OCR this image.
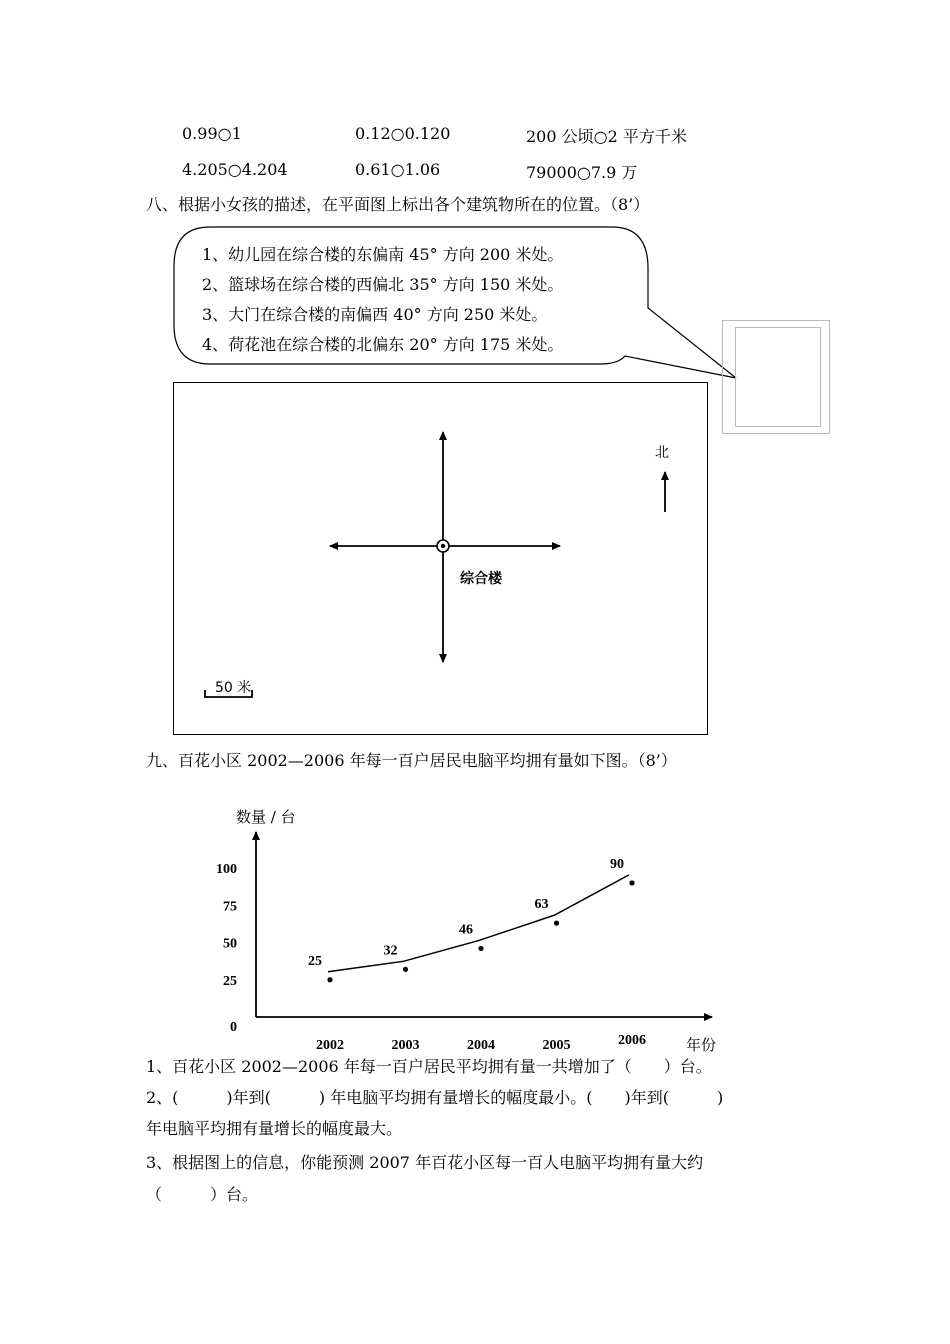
0.99○1	0.12○0.120	200 公顷○2 平方千米
4.205○4.204	0.61○1.06	79000○7.9 万
八、根据小女孩的描述，在平面图上标出各个建筑物所在的位置。（8’）
1、幼儿园在综合楼的东偏南 45° 方向 200 米处。
2、篮球场在综合楼的西偏北 35° 方向 150 米处。
3、大门在综合楼的南偏西 40° 方向 250 米处。
4、荷花池在综合楼的北偏东 20° 方向 175 米处。
北
综合楼
50 米
九、百花小区 2002—2006 年每一百户居民电脑平均拥有量如下图。（8’）
数量 / 台
年份
0
25
50
75
100
2002	2003	2004	2005	2006
25
32
46
63
90
1、百花小区 2002—2006 年每一百户居民平均拥有量一共增加了（　　）台。
2、(　　　)年到(　　　) 年电脑平均拥有量增长的幅度最小。(　　)年到(　　　)
年电脑平均拥有量增长的幅度最大。
3、根据图上的信息，你能预测 2007 年百花小区每一百人电脑平均拥有量大约
（　　　）台。
